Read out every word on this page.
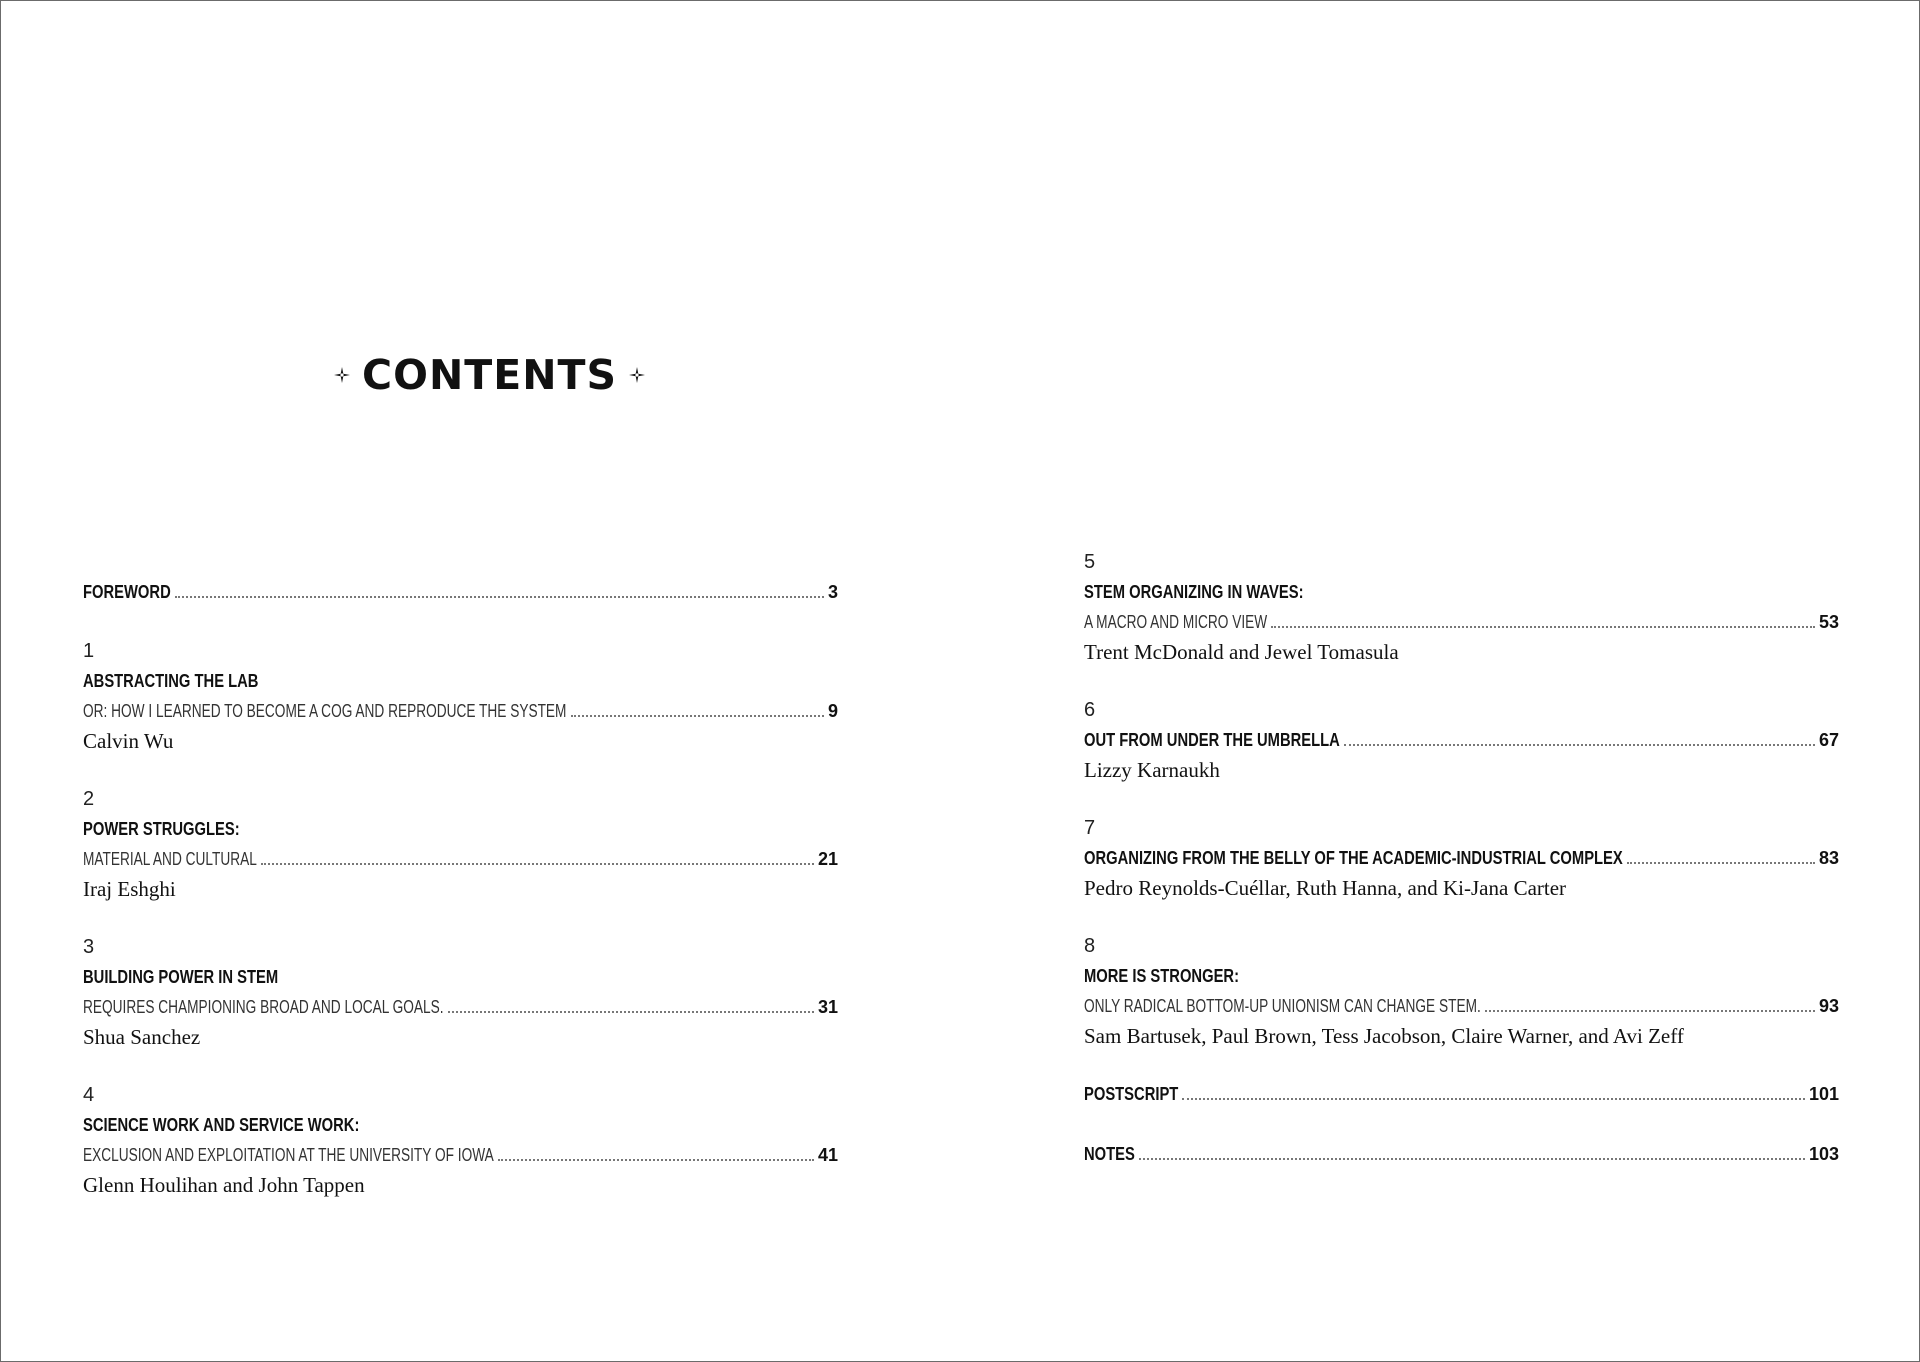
CONTENTS
FOREWORD	3
1
ABSTRACTING THE LAB
OR: HOW I LEARNED TO BECOME A COG AND REPRODUCE THE SYSTEM	9
Calvin Wu
2
POWER STRUGGLES:
MATERIAL AND CULTURAL	21
Iraj Eshghi
3
BUILDING POWER IN STEM
REQUIRES CHAMPIONING BROAD AND LOCAL GOALS.	31
Shua Sanchez
4
SCIENCE WORK AND SERVICE WORK:
EXCLUSION AND EXPLOITATION AT THE UNIVERSITY OF IOWA	41
Glenn Houlihan and John Tappen
5
STEM ORGANIZING IN WAVES:
A MACRO AND MICRO VIEW	53
Trent McDonald and Jewel Tomasula
6
OUT FROM UNDER THE UMBRELLA	67
Lizzy Karnaukh
7
ORGANIZING FROM THE BELLY OF THE ACADEMIC-INDUSTRIAL COMPLEX	83
Pedro Reynolds-Cuéllar, Ruth Hanna, and Ki-Jana Carter
8
MORE IS STRONGER:
ONLY RADICAL BOTTOM-UP UNIONISM CAN CHANGE STEM.	93
Sam Bartusek, Paul Brown, Tess Jacobson, Claire Warner, and Avi Zeff
POSTSCRIPT	101
NOTES	103
